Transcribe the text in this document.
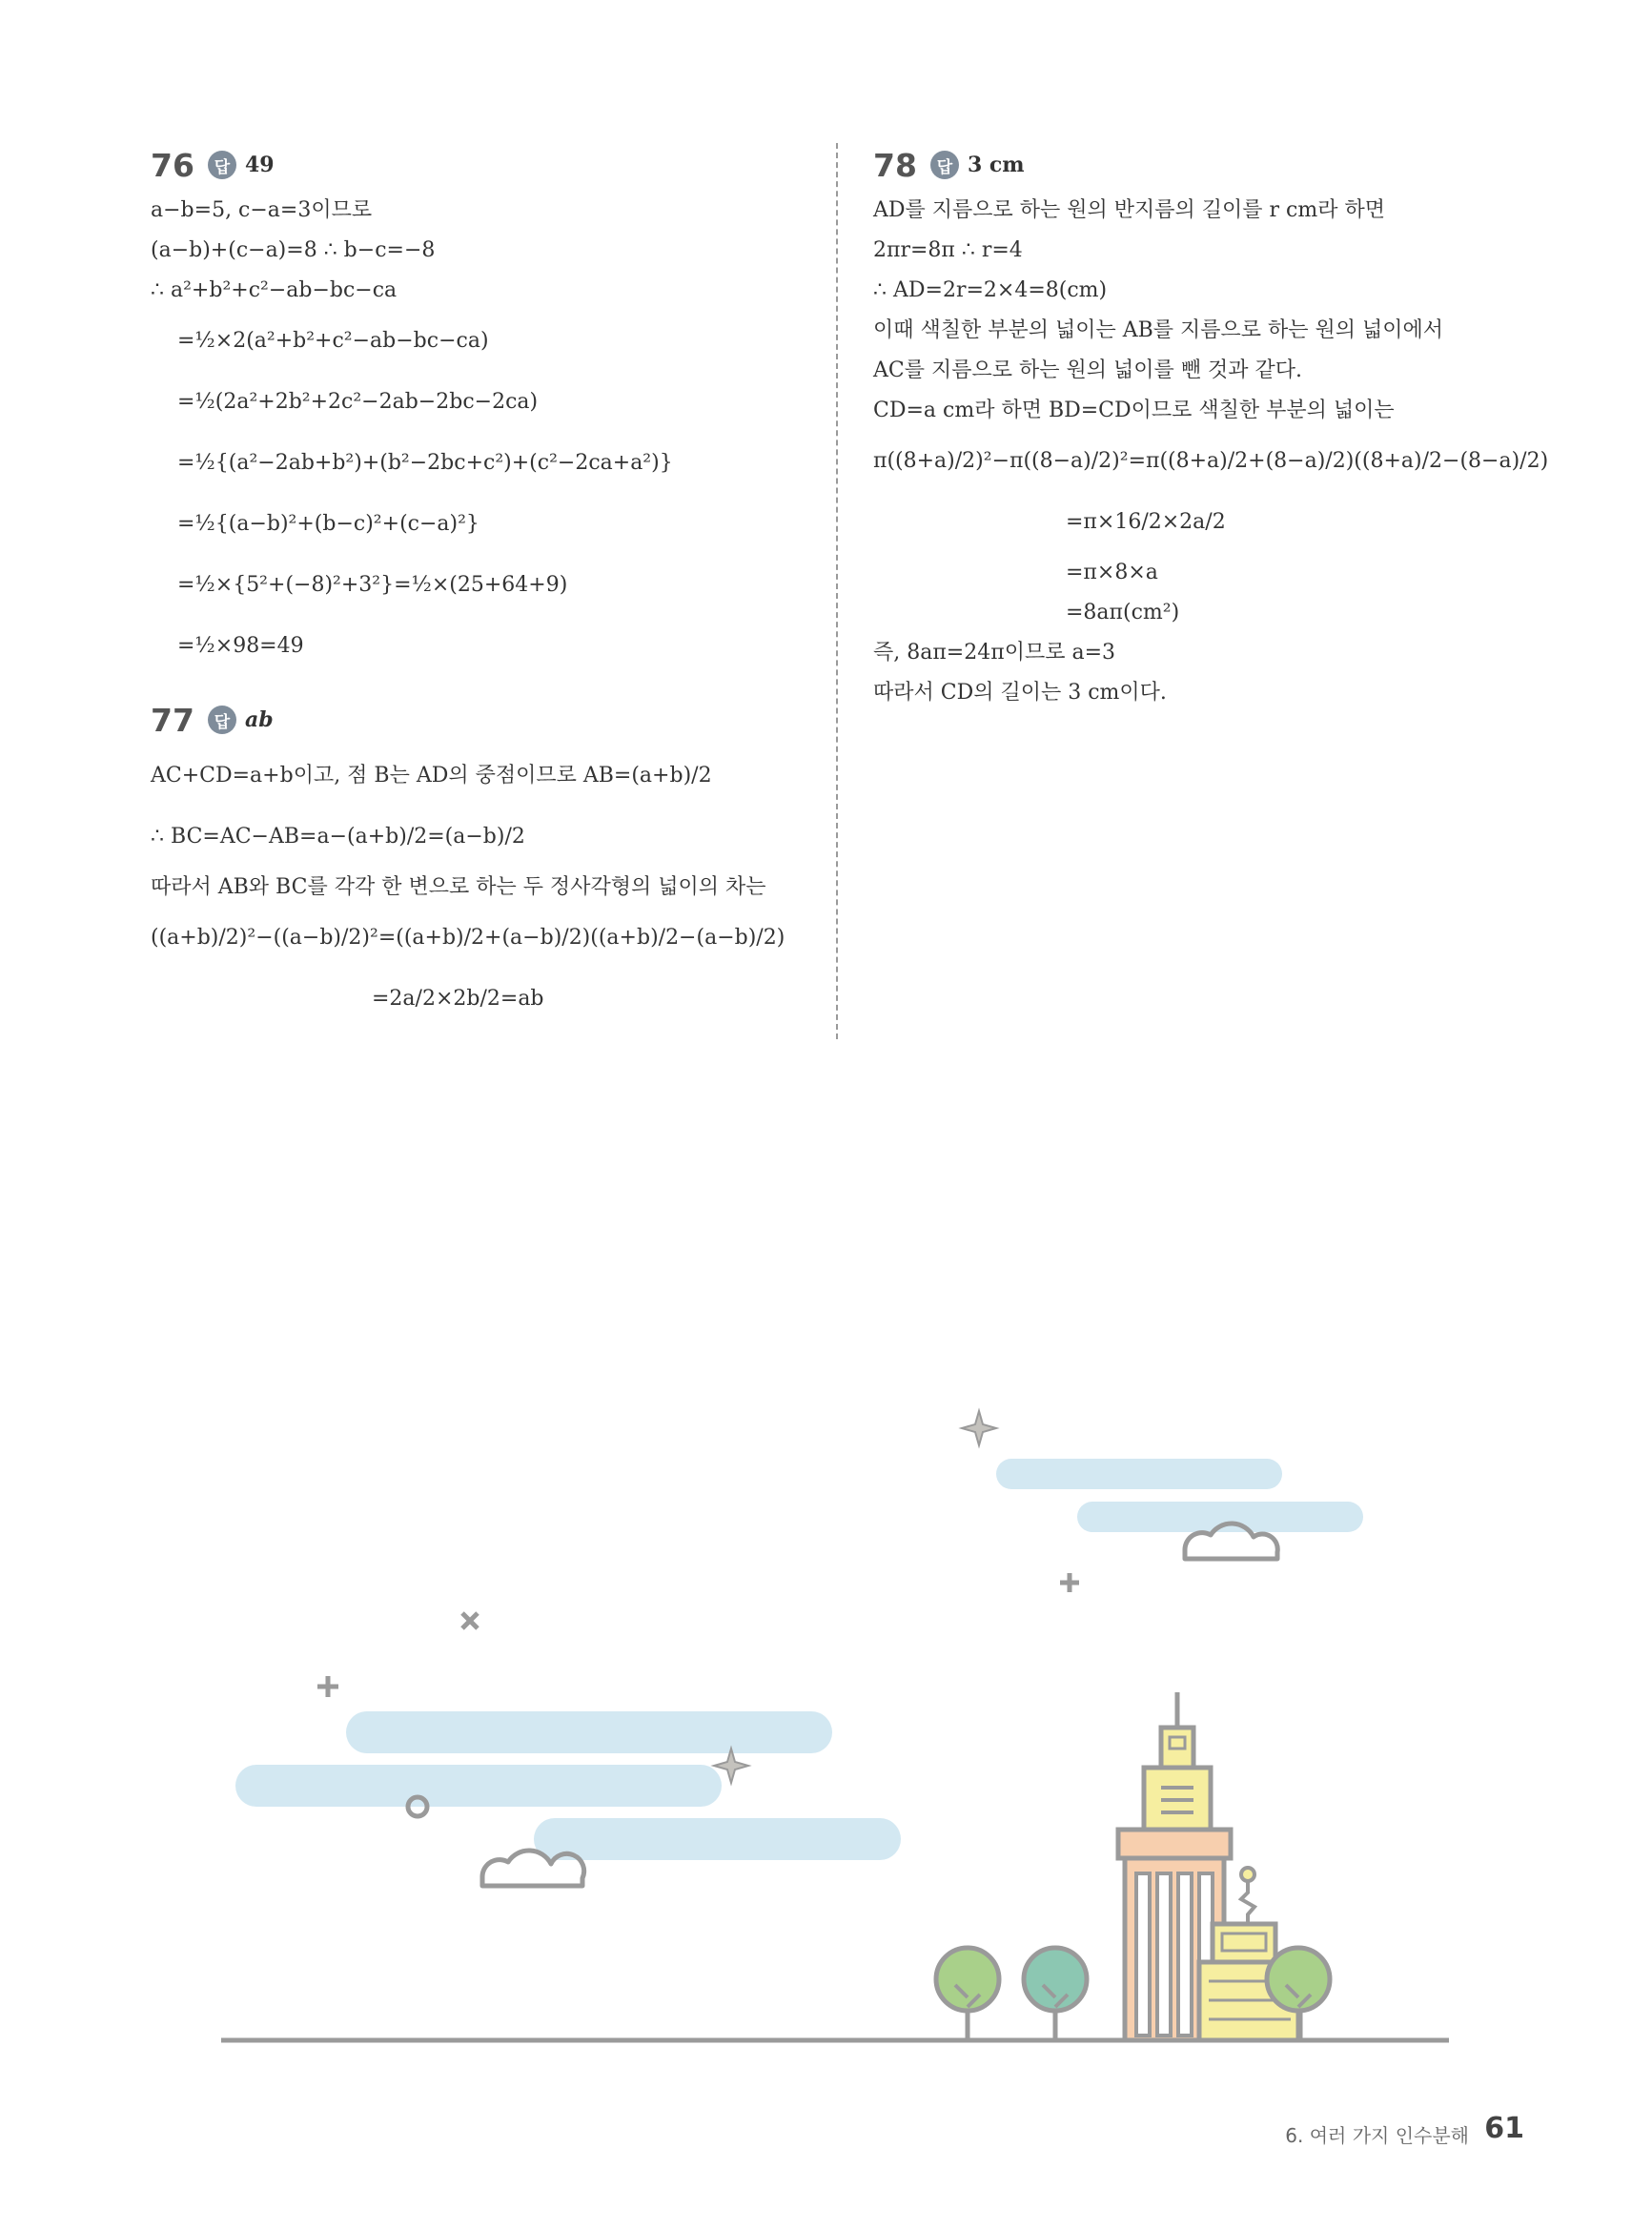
76	답 49
a−b=5, c−a=3이므로
(a−b)+(c−a)=8 ∴ b−c=−8
∴ a²+b²+c²−ab−bc−ca
=½×2(a²+b²+c²−ab−bc−ca)
=½(2a²+2b²+2c²−2ab−2bc−2ca)
=½{(a²−2ab+b²)+(b²−2bc+c²)+(c²−2ca+a²)}
=½{(a−b)²+(b−c)²+(c−a)²}
=½×{5²+(−8)²+3²}=½×(25+64+9)
=½×98=49
77	답 ab
AC+CD=a+b이고, 점 B는 AD의 중점이므로 AB=(a+b)/2
∴ BC=AC−AB=a−(a+b)/2=(a−b)/2
따라서 AB와 BC를 각각 한 변으로 하는 두 정사각형의 넓이의 차는
((a+b)/2)²−((a−b)/2)²=((a+b)/2+(a−b)/2)((a+b)/2−(a−b)/2)
=2a/2×2b/2=ab
78	답 3 cm
AD를 지름으로 하는 원의 반지름의 길이를 r cm라 하면
2πr=8π ∴ r=4
∴ AD=2r=2×4=8(cm)
이때 색칠한 부분의 넓이는 AB를 지름으로 하는 원의 넓이에서
AC를 지름으로 하는 원의 넓이를 뺀 것과 같다.
CD=a cm라 하면 BD=CD이므로 색칠한 부분의 넓이는
π((8+a)/2)²−π((8−a)/2)²=π((8+a)/2+(8−a)/2)((8+a)/2−(8−a)/2)
=π×16/2×2a/2
=π×8×a
=8aπ(cm²)
즉, 8aπ=24π이므로 a=3
따라서 CD의 길이는 3 cm이다.
6. 여러 가지 인수분해 61
